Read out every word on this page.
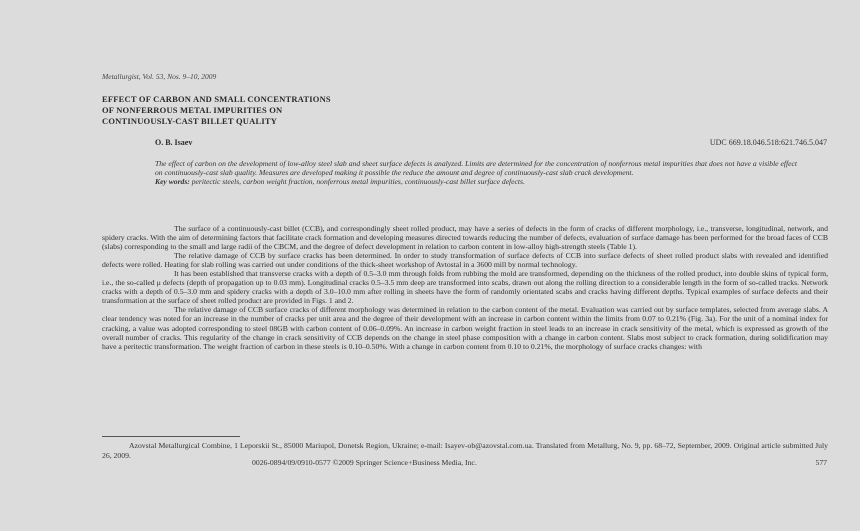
Metallurgist, Vol. 53, Nos. 9–10, 2009
EFFECT OF CARBON AND SMALL CONCENTRATIONS
OF NONFERROUS METAL IMPURITIES ON
CONTINUOUSLY-CAST BILLET QUALITY
O. B. Isaev	UDC 669.18.046.518:621.746.5.047
The effect of carbon on the development of low-alloy steel slab and sheet surface defects is analyzed. Limits are determined for the concentration of nonferrous metal impurities that does not have a visible effect on continuously-cast slab quality. Measures are developed making it possible the reduce the amount and degree of continuously-cast slab crack development.
Key words: peritectic steels, carbon weight fraction, nonferrous metal impurities, continuously-cast billet surface defects.

The surface of a continuously-cast billet (CCB), and correspondingly sheet rolled product, may have a series of defects in the form of cracks of different morphology, i.e., transverse, longitudinal, network, and spidery cracks. With the aim of determining factors that facilitate crack formation and developing measures directed towards reducing the number of defects, evaluation of surface damage has been performed for the broad faces of CCB (slabs) corresponding to the small and large radii of the CBCM, and the degree of defect development in relation to carbon content in low-alloy high-strength steels (Table 1).

The relative damage of CCB by surface cracks has been determined. In order to study transformation of surface defects of CCB into surface defects of sheet rolled product slabs with revealed and identified defects were rolled. Heating for slab rolling was carried out under conditions of the thick-sheet workshop of Avtostal in a 3600 mill by normal technology.

It has been established that transverse cracks with a depth of 0.5–3.0 mm through folds from rubbing the mold are transformed, depending on the thickness of the rolled product, into double skins of typical form, i.e., the so-called μ defects (depth of propagation up to 0.03 mm). Longitudinal cracks 0.5–3.5 mm deep are transformed into scabs, drawn out along the rolling direction to a considerable length in the form of so-called tracks. Network cracks with a depth of 0.5–3.0 mm and spidery cracks with a depth of 3.0–10.0 mm after rolling in sheets have the form of randomly orientated scabs and cracks having different depths. Typical examples of surface defects and their transformation at the surface of sheet rolled product are provided in Figs. 1 and 2.

The relative damage of CCB surface cracks of different morphology was determined in relation to the carbon content of the metal. Evaluation was carried out by surface templates, selected from average slabs. A clear tendency was noted for an increase in the number of cracks per unit area and the degree of their development with an increase in carbon content within the limits from 0.07 to 0.21% (Fig. 3a). For the unit of a nominal index for cracking, a value was adopted corresponding to steel 08GB with carbon content of 0.06–0.09%. An increase in carbon weight fraction in steel leads to an increase in crack sensitivity of the metal, which is expressed as growth of the overall number of cracks. This regularity of the change in crack sensitivity of CCB depends on the change in steel phase composition with a change in carbon content. Slabs most subject to crack formation, during solidification may have a peritectic transformation. The weight fraction of carbon in these steels is 0.10–0.50%. With a change in carbon content from 0.10 to 0.21%, the morphology of surface cracks changes: with

Azovstal Metallurgical Combine, 1 Leporskii St., 85000 Mariupol, Donetsk Region, Ukraine; e-mail: Isayev-ob@azovstal.com.ua. Translated from Metallurg, No. 9, pp. 68–72, September, 2009. Original article submitted July 26, 2009.

0026-0894/09/0910-0577 ©2009 Springer Science+Business Media, Inc.	577
